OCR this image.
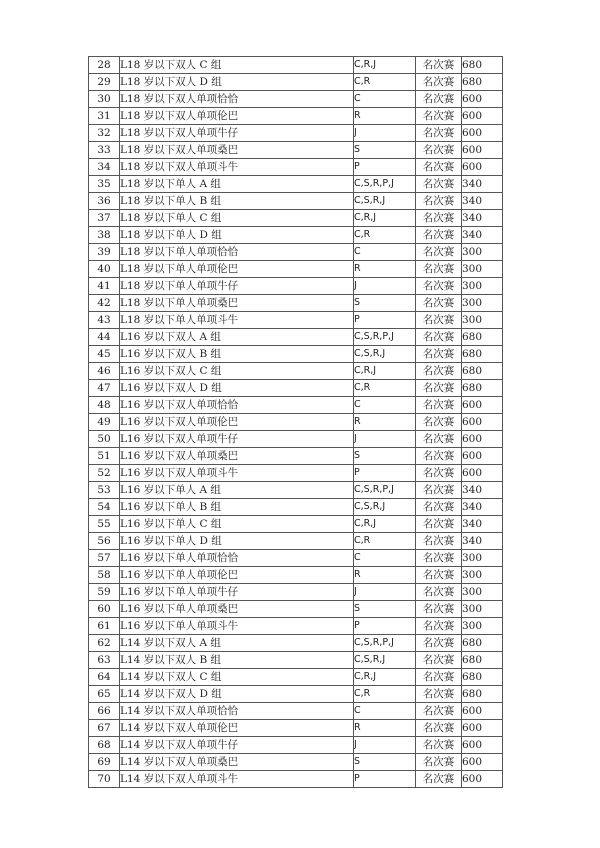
28	L18 岁以下双人 C 组	C,R,J	名次赛	680
29	L18 岁以下双人 D 组	C,R	名次赛	680
30	L18 岁以下双人单项恰恰	C	名次赛	600
31	L18 岁以下双人单项伦巴	R	名次赛	600
32	L18 岁以下双人单项牛仔	J	名次赛	600
33	L18 岁以下双人单项桑巴	S	名次赛	600
34	L18 岁以下双人单项斗牛	P	名次赛	600
35	L18 岁以下单人 A 组	C,S,R,P,J	名次赛	340
36	L18 岁以下单人 B 组	C,S,R,J	名次赛	340
37	L18 岁以下单人 C 组	C,R,J	名次赛	340
38	L18 岁以下单人 D 组	C,R	名次赛	340
39	L18 岁以下单人单项恰恰	C	名次赛	300
40	L18 岁以下单人单项伦巴	R	名次赛	300
41	L18 岁以下单人单项牛仔	J	名次赛	300
42	L18 岁以下单人单项桑巴	S	名次赛	300
43	L18 岁以下单人单项斗牛	P	名次赛	300
44	L16 岁以下双人 A 组	C,S,R,P,J	名次赛	680
45	L16 岁以下双人 B 组	C,S,R,J	名次赛	680
46	L16 岁以下双人 C 组	C,R,J	名次赛	680
47	L16 岁以下双人 D 组	C,R	名次赛	680
48	L16 岁以下双人单项恰恰	C	名次赛	600
49	L16 岁以下双人单项伦巴	R	名次赛	600
50	L16 岁以下双人单项牛仔	J	名次赛	600
51	L16 岁以下双人单项桑巴	S	名次赛	600
52	L16 岁以下双人单项斗牛	P	名次赛	600
53	L16 岁以下单人 A 组	C,S,R,P,J	名次赛	340
54	L16 岁以下单人 B 组	C,S,R,J	名次赛	340
55	L16 岁以下单人 C 组	C,R,J	名次赛	340
56	L16 岁以下单人 D 组	C,R	名次赛	340
57	L16 岁以下单人单项恰恰	C	名次赛	300
58	L16 岁以下单人单项伦巴	R	名次赛	300
59	L16 岁以下单人单项牛仔	J	名次赛	300
60	L16 岁以下单人单项桑巴	S	名次赛	300
61	L16 岁以下单人单项斗牛	P	名次赛	300
62	L14 岁以下双人 A 组	C,S,R,P,J	名次赛	680
63	L14 岁以下双人 B 组	C,S,R,J	名次赛	680
64	L14 岁以下双人 C 组	C,R,J	名次赛	680
65	L14 岁以下双人 D 组	C,R	名次赛	680
66	L14 岁以下双人单项恰恰	C	名次赛	600
67	L14 岁以下双人单项伦巴	R	名次赛	600
68	L14 岁以下双人单项牛仔	J	名次赛	600
69	L14 岁以下双人单项桑巴	S	名次赛	600
70	L14 岁以下双人单项斗牛	P	名次赛	600
